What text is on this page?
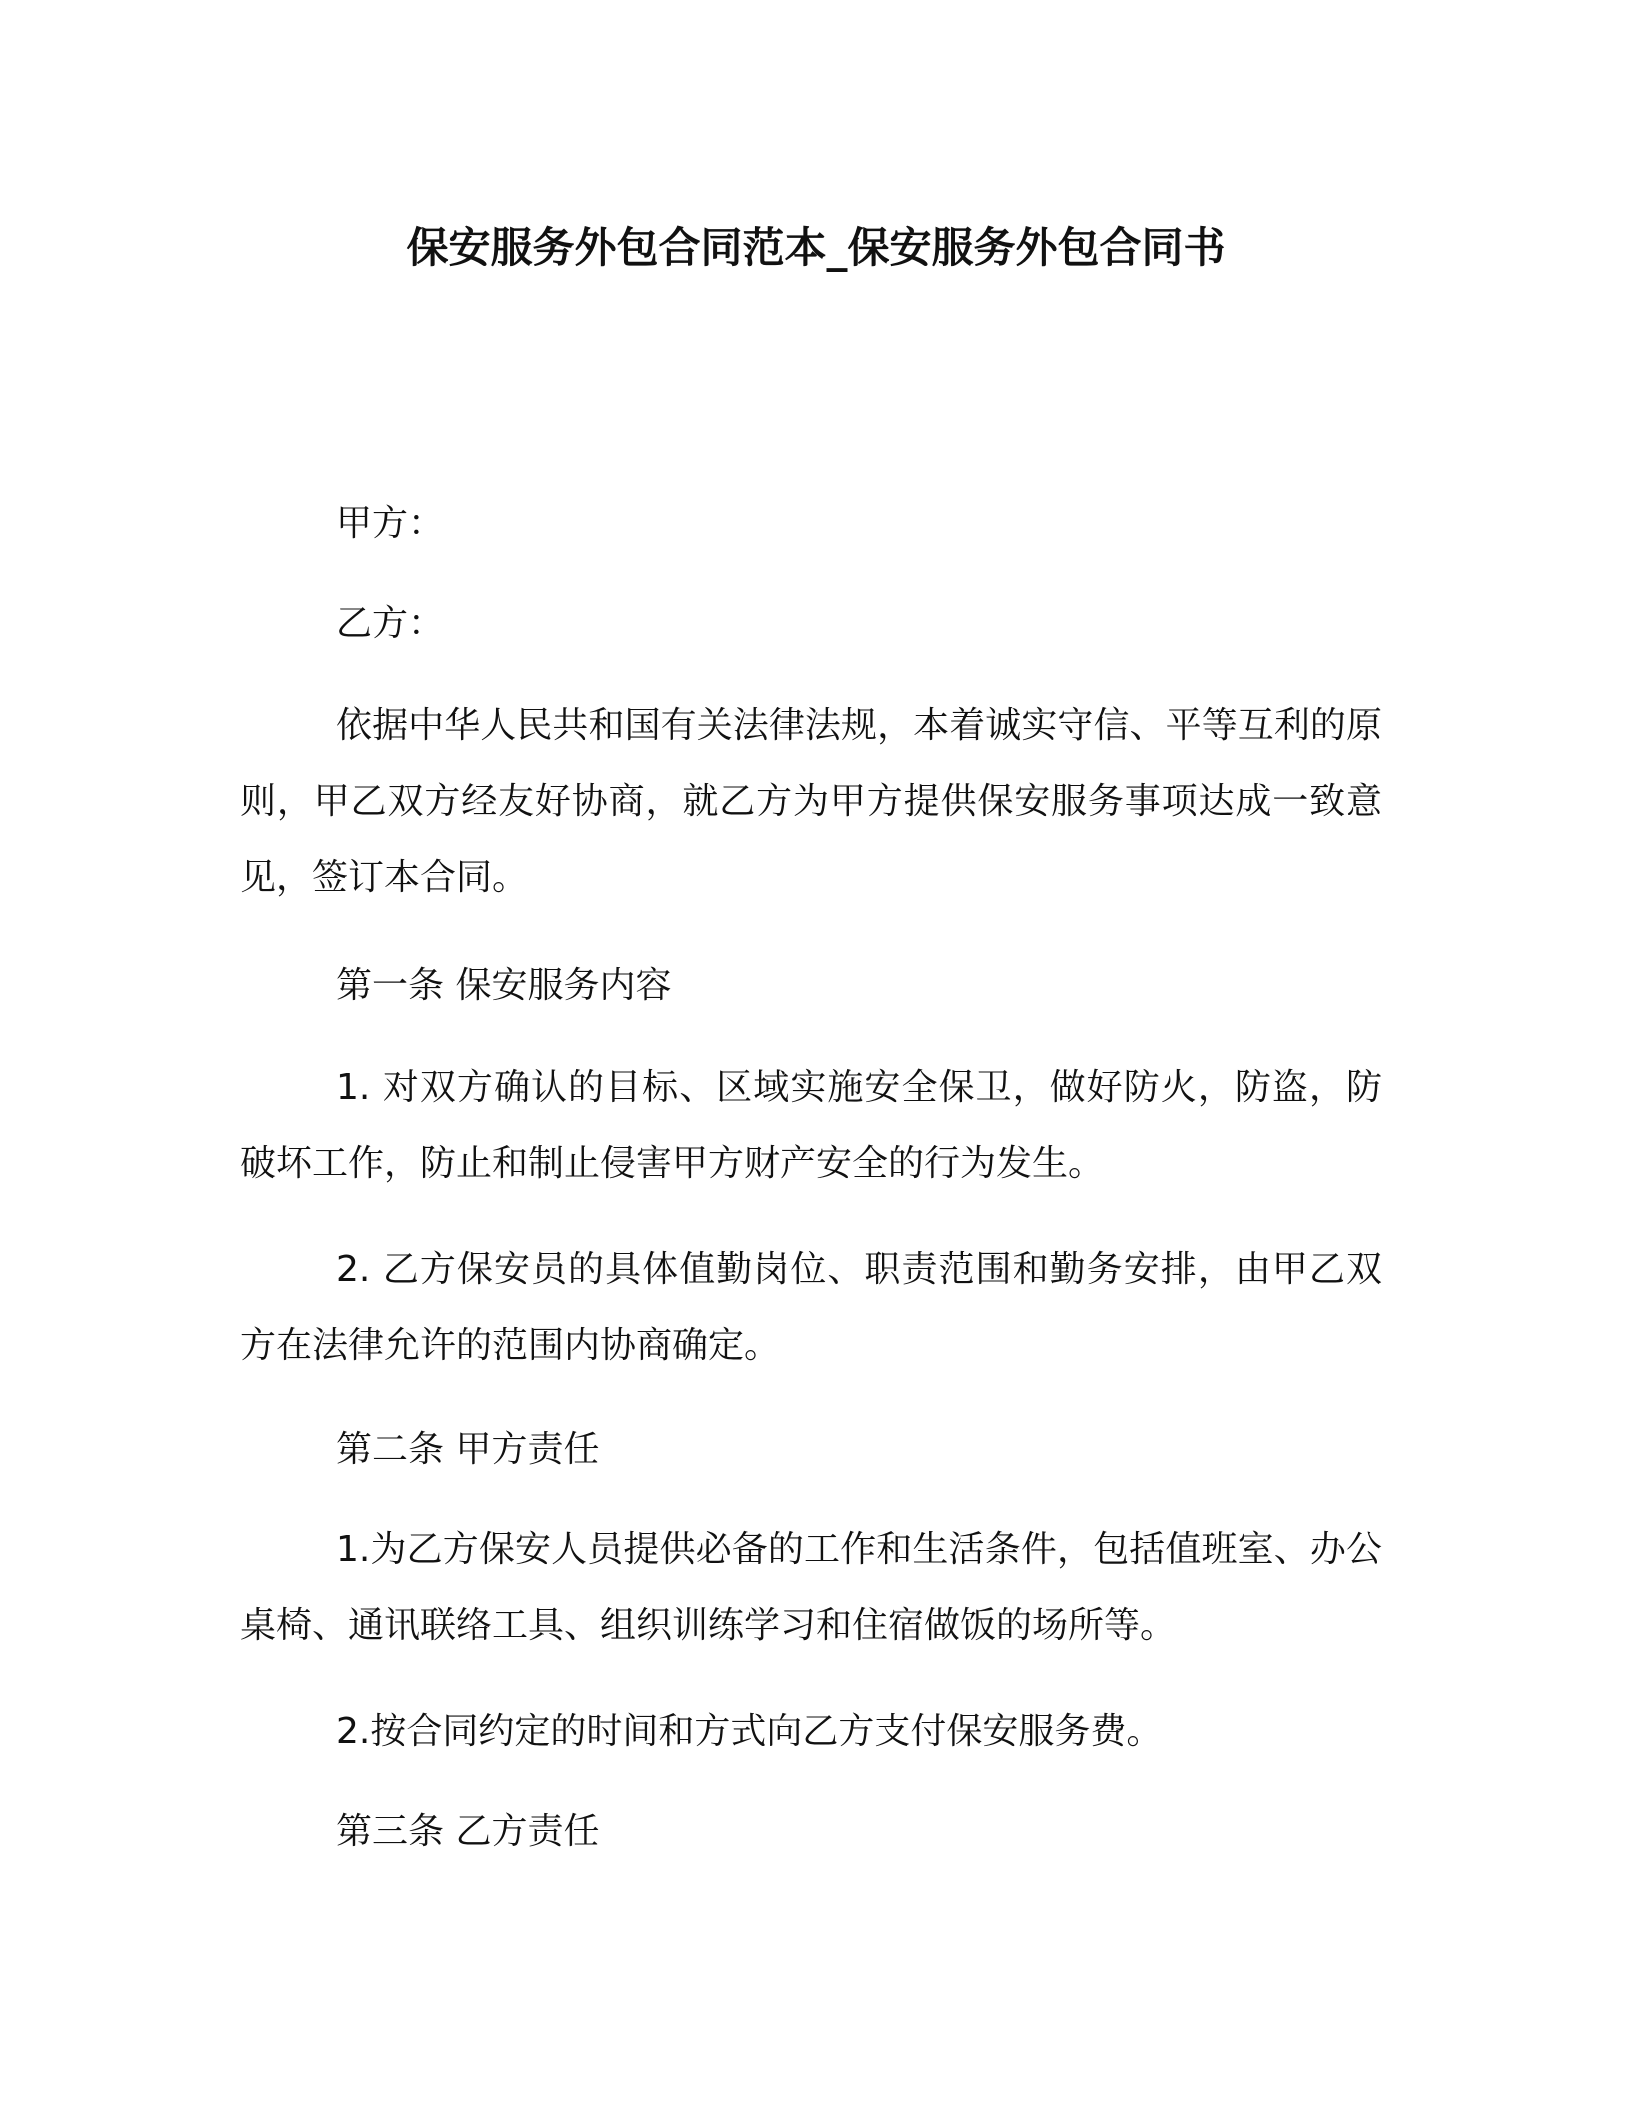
保安服务外包合同范本_保安服务外包合同书

甲方：

乙方：

依据中华人民共和国有关法律法规，本着诚实守信、平等互利的原则，甲乙双方经友好协商，就乙方为甲方提供保安服务事项达成一致意见，签订本合同。

第一条 保安服务内容

1. 对双方确认的目标、区域实施安全保卫，做好防火，防盗，防破坏工作，防止和制止侵害甲方财产安全的行为发生。

2. 乙方保安员的具体值勤岗位、职责范围和勤务安排，由甲乙双方在法律允许的范围内协商确定。

第二条 甲方责任

1.为乙方保安人员提供必备的工作和生活条件，包括值班室、办公桌椅、通讯联络工具、组织训练学习和住宿做饭的场所等。

2.按合同约定的时间和方式向乙方支付保安服务费。

第三条 乙方责任
